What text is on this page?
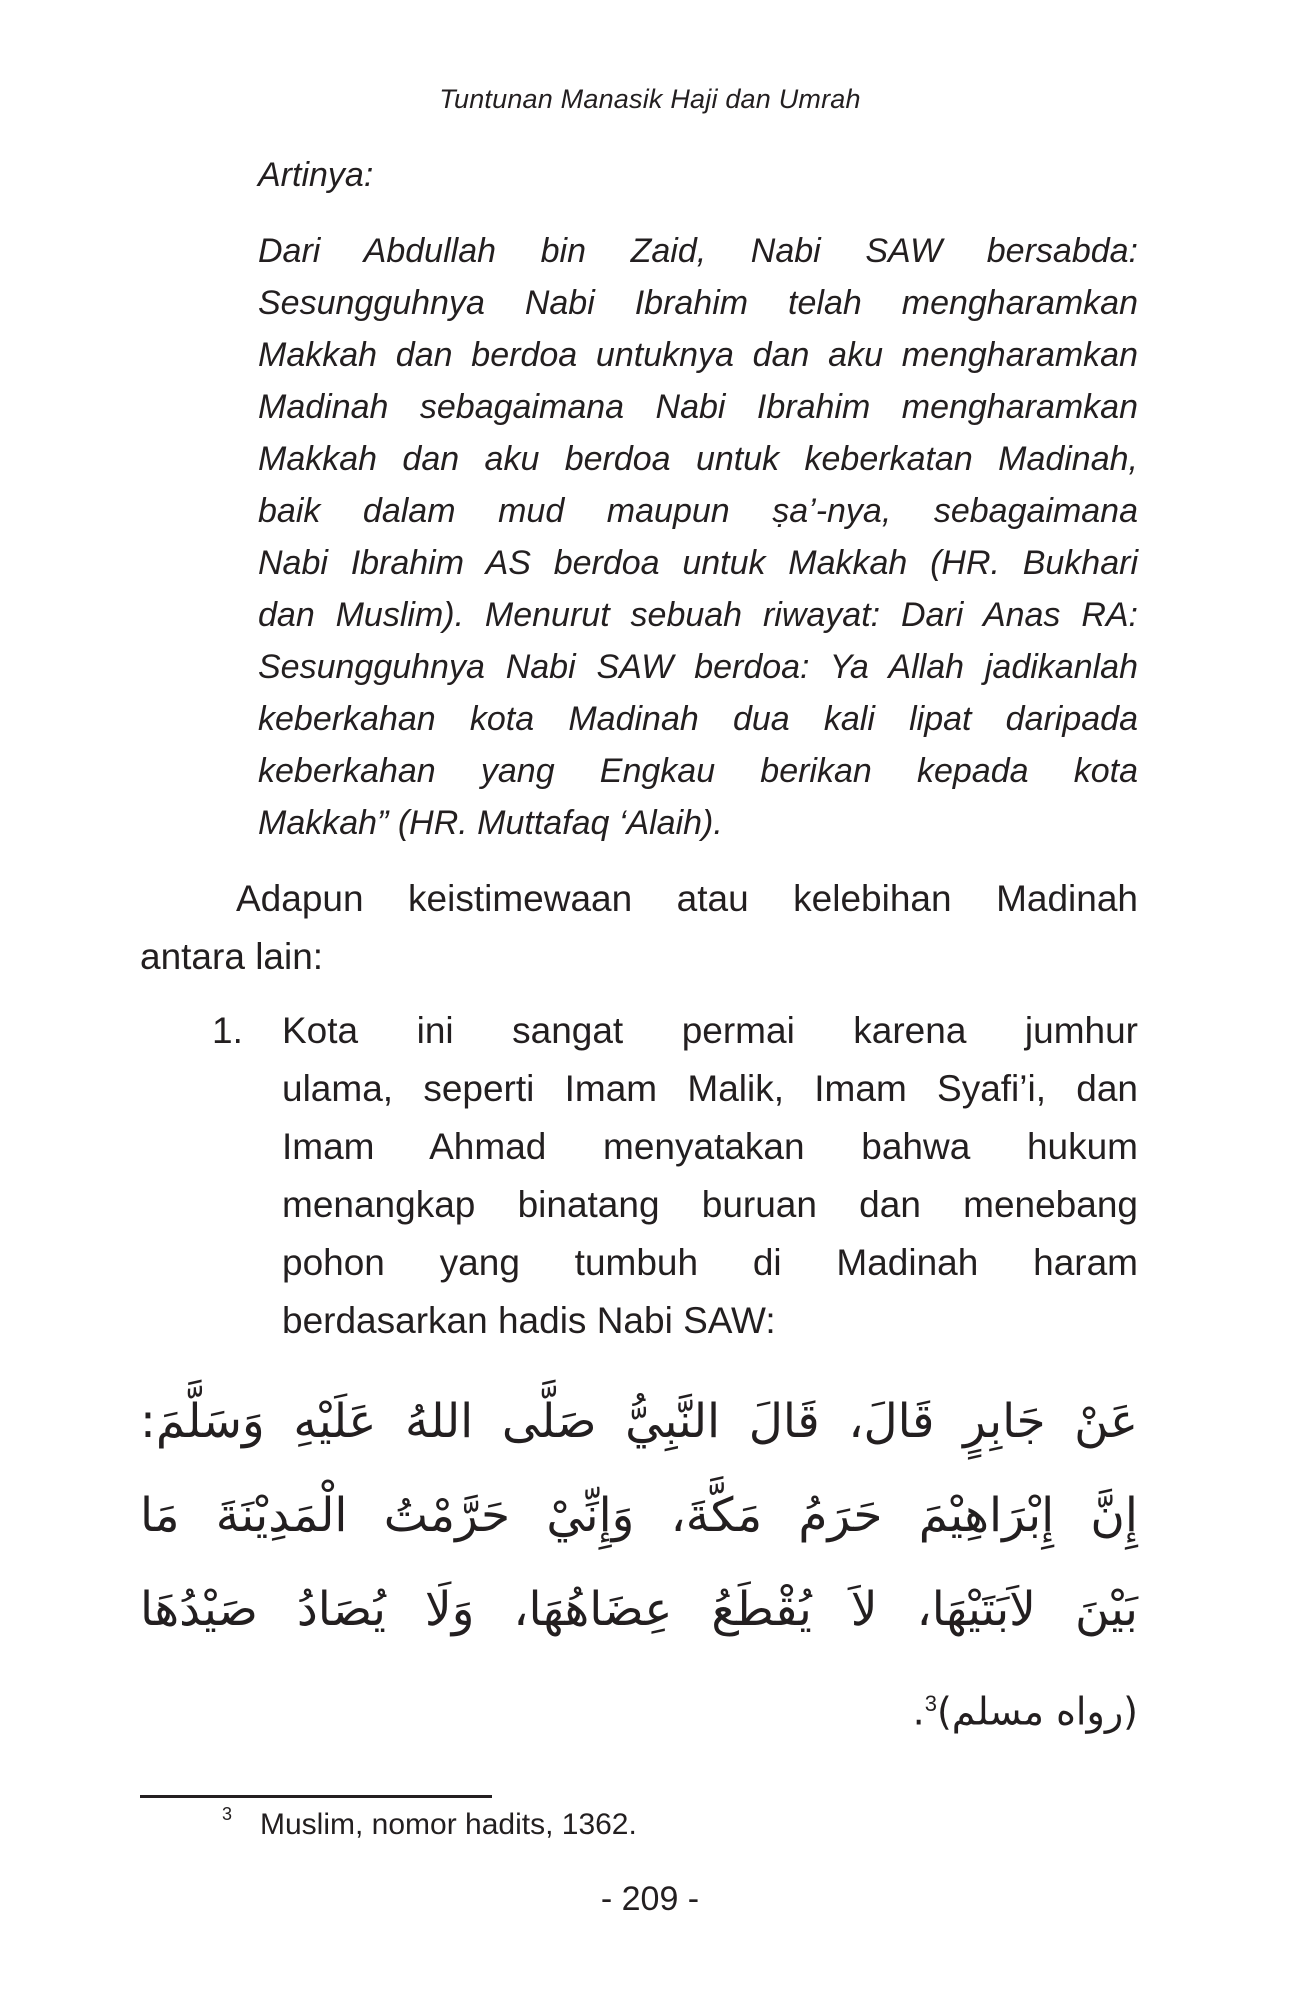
Tuntunan Manasik Haji dan Umrah
Artinya:
Dari Abdullah bin Zaid, Nabi SAW bersabda:
Sesungguhnya Nabi Ibrahim telah mengharamkan
Makkah dan berdoa untuknya dan aku mengharamkan
Madinah sebagaimana Nabi Ibrahim mengharamkan
Makkah dan aku berdoa untuk keberkatan Madinah,
baik dalam mud maupun ṣa’-nya, sebagaimana
Nabi Ibrahim AS berdoa untuk Makkah (HR. Bukhari
dan Muslim). Menurut sebuah riwayat: Dari Anas RA:
Sesungguhnya Nabi SAW berdoa: Ya Allah jadikanlah
keberkahan kota Madinah dua kali lipat daripada
keberkahan yang Engkau berikan kepada kota
Makkah” (HR. Muttafaq ‘Alaih).
Adapun keistimewaan atau kelebihan Madinah
antara lain:
1. Kota ini sangat permai karena jumhur
ulama, seperti Imam Malik, Imam Syafi’i, dan
Imam Ahmad menyatakan bahwa hukum
menangkap binatang buruan dan menebang
pohon yang tumbuh di Madinah haram
berdasarkan hadis Nabi SAW:
عَنْ جَابِرٍ قَالَ، قَالَ النَّبِيُّ صَلَّى اللهُ عَلَيْهِ وَسَلَّمَ:
إِنَّ إِبْرَاهِيْمَ حَرَمُ مَكَّةَ، وَإِنِّيْ حَرَّمْتُ الْمَدِيْنَةَ مَا
بَيْنَ لاَبَتَيْهَا، لاَ يُقْطَعُ عِضَاهُهَا، وَلَا يُصَادُ صَيْدُهَا
(رواه مسلم)$^3$.
3 Muslim, nomor hadits, 1362.
- 209 -
